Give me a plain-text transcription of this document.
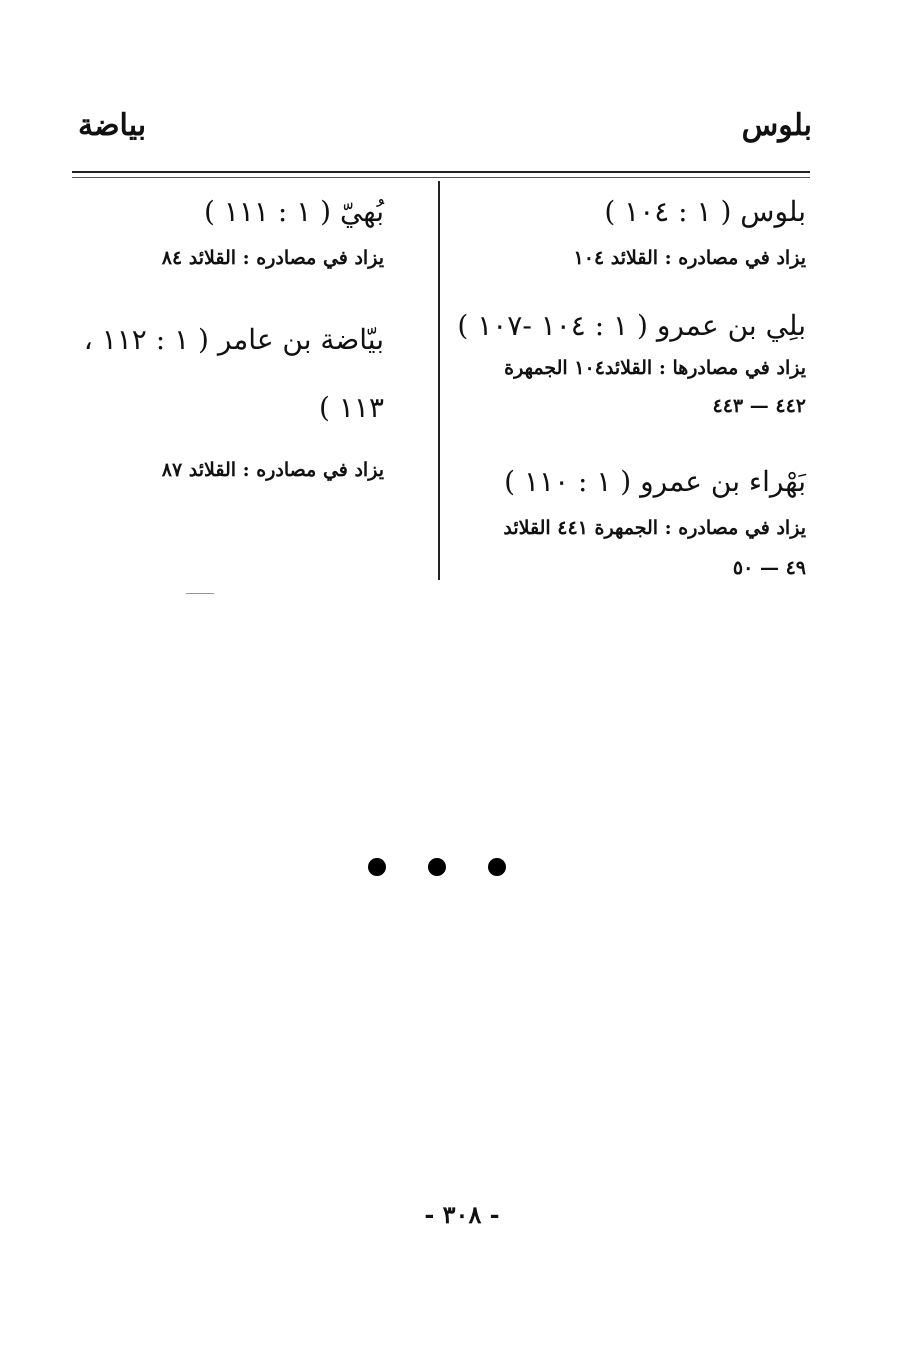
بلوس
بياضة
بلوس ( ١ : ١٠٤ )
يزاد في مصادره : القلائد ١٠٤
بلِي بن عمرو ( ١ : ١٠٤ -١٠٧ )
يزاد في مصادرها : القلائد١٠٤ الجمهرة
٤٤٢ — ٤٤٣
بَهْراء بن عمرو ( ١ : ١١٠ )
يزاد في مصادره : الجمهرة ٤٤١ القلائد
٤٩ — ٥٠
بُهيّ ( ١ : ١١١ )
يزاد في مصادره : القلائد ٨٤
بيّاضة بن عامر ( ١ : ١١٢ ،
١١٣ )
يزاد في مصادره : القلائد ٨٧
- ٣٠٨ -
